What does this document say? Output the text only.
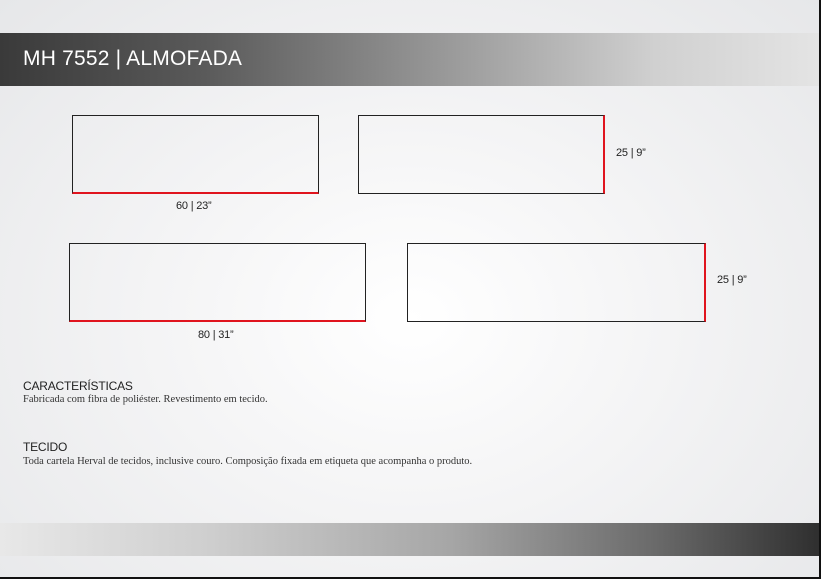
MH 7552 | ALMOFADA
60 | 23”
25 | 9”
80 | 31”
25 | 9”
CARACTERÍSTICAS
Fabricada com fibra de poliéster. Revestimento em tecido.
TECIDO
Toda cartela Herval de tecidos, inclusive couro. Composição fixada em etiqueta que acompanha o produto.
